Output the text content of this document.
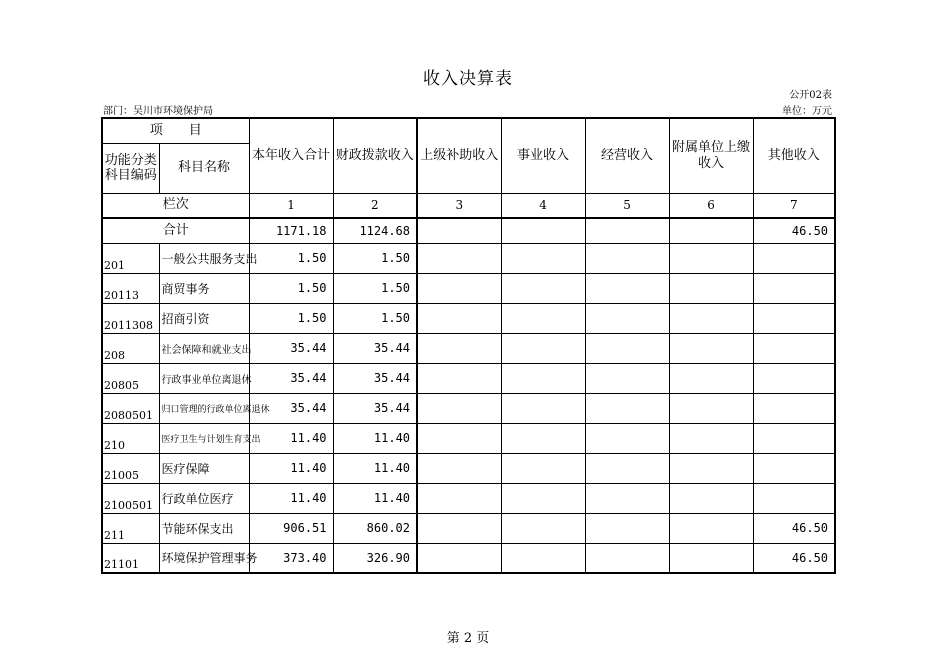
收入决算表
公开02表
部门：吴川市环境保护局	单位：万元
项　　目		本年收入合计	财政拨款收入	上级补助收入	事业收入	经营收入	附属单位上缴收入	其他收入
功能分类科目编码	科目名称							
栏次		1	2	3	4	5	6	7
合计		1171.18	1124.68					46.50
201	一般公共服务支出	1.50	1.50					
20113	商贸事务	1.50	1.50					
2011308	招商引资	1.50	1.50					
208	社会保障和就业支出	35.44	35.44					
20805	行政事业单位离退休	35.44	35.44					
2080501	归口管理的行政单位离退休	35.44	35.44					
210	医疗卫生与计划生育支出	11.40	11.40					
21005	医疗保障	11.40	11.40					
2100501	行政单位医疗	11.40	11.40					
211	节能环保支出	906.51	860.02					46.50
21101	环境保护管理事务	373.40	326.90					46.50
第 2 页
